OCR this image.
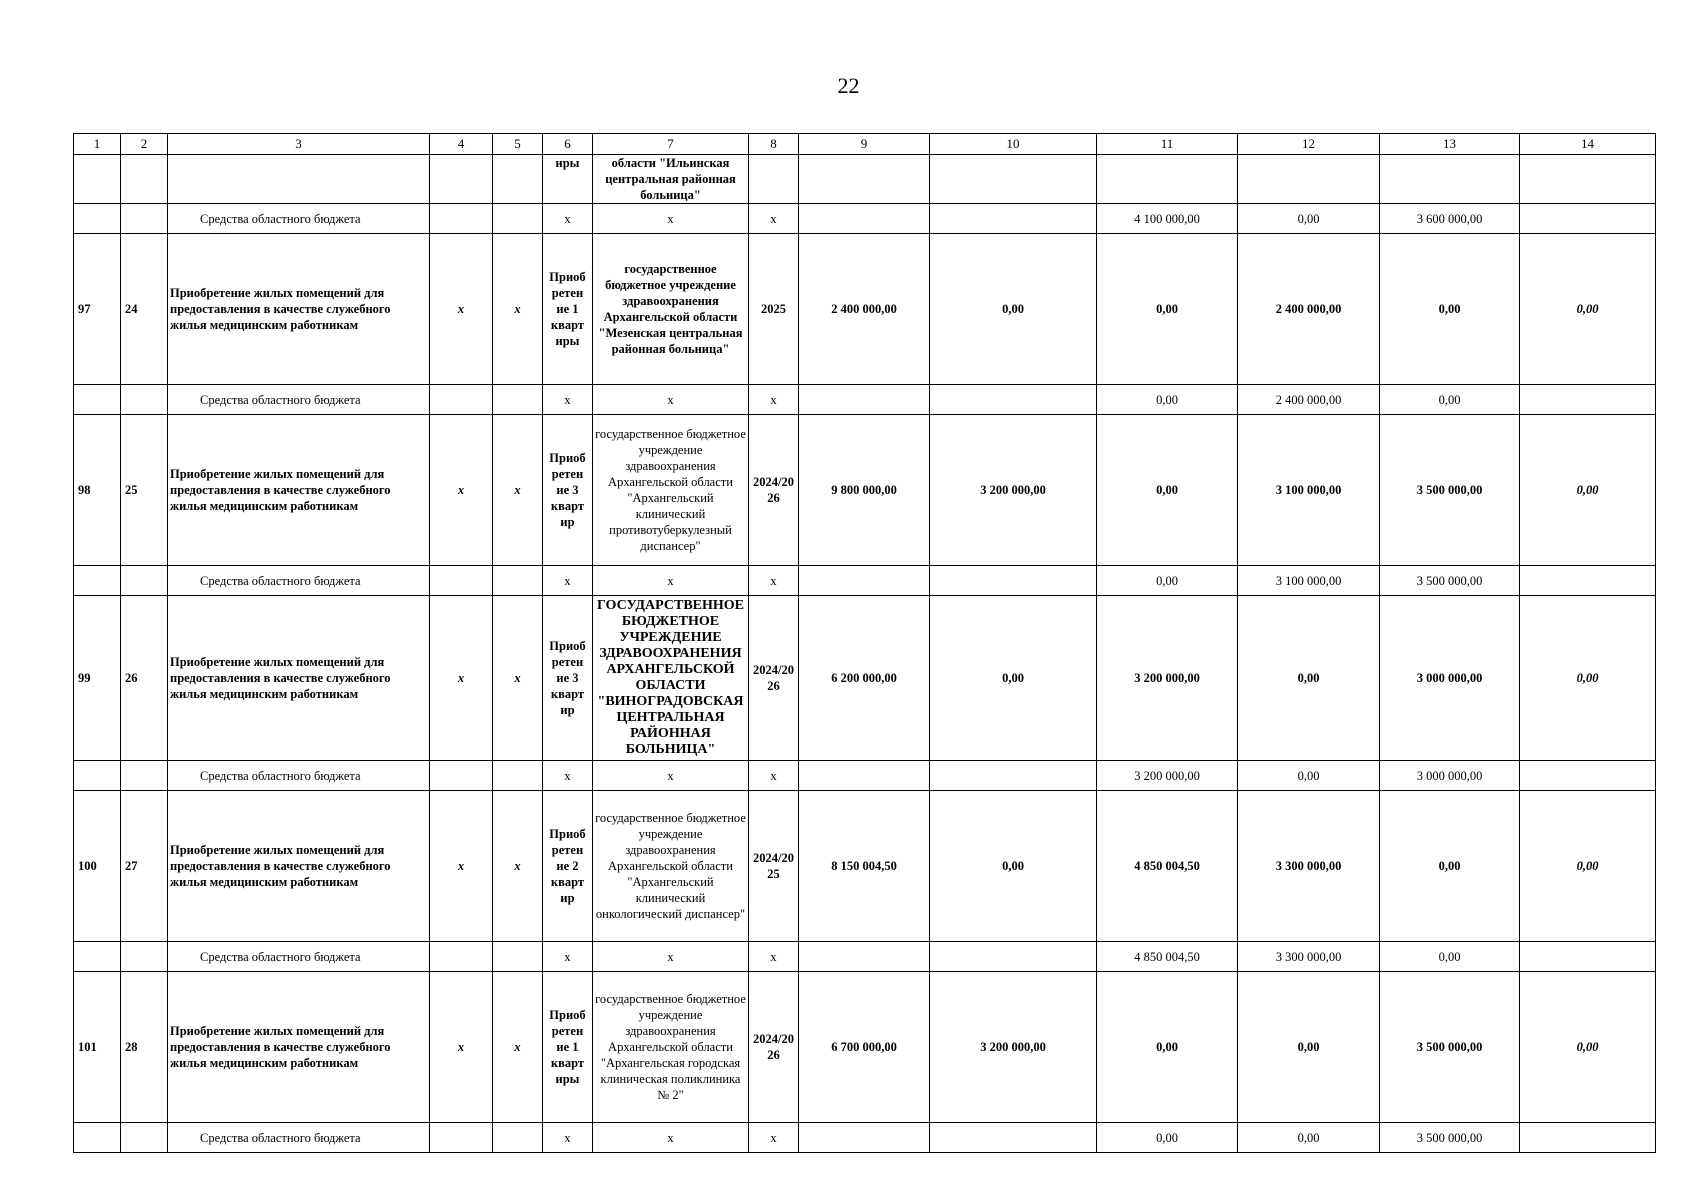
22
1	2	3	4	5	6	7	8	9	10	11	12	13	14
					иры	области "Ильинская центральная районная больница"							
		Средства областного бюджета			x	x	x			4 100 000,00	0,00	3 600 000,00	
97	24	Приобретение жилых помещений для предоставления в качестве служебного жилья медицинским работникам	x	x	Приоб ретен ие 1 кварт иры	государственное бюджетное учреждение здравоохранения Архангельской области "Мезенская центральная районная больница"	2025	2 400 000,00	0,00	0,00	2 400 000,00	0,00	0,00
		Средства областного бюджета			x	x	x			0,00	2 400 000,00	0,00	
98	25	Приобретение жилых помещений для предоставления в качестве служебного жилья медицинским работникам	x	x	Приоб ретен ие 3 кварт ир	государственное бюджетное учреждение здравоохранения Архангельской области "Архангельский клинический противотуберкулезный диспансер"	2024/20 26	9 800 000,00	3 200 000,00	0,00	3 100 000,00	3 500 000,00	0,00
		Средства областного бюджета			x	x	x			0,00	3 100 000,00	3 500 000,00	
99	26	Приобретение жилых помещений для предоставления в качестве служебного жилья медицинским работникам	x	x	Приоб ретен ие 3 кварт ир	ГОСУДАРСТВЕННОЕ БЮДЖЕТНОЕ УЧРЕЖДЕНИЕ ЗДРАВООХРАНЕНИЯ АРХАНГЕЛЬСКОЙ ОБЛАСТИ "ВИНОГРАДОВСКАЯ ЦЕНТРАЛЬНАЯ РАЙОННАЯ БОЛЬНИЦА"	2024/20 26	6 200 000,00	0,00	3 200 000,00	0,00	3 000 000,00	0,00
		Средства областного бюджета			x	x	x			3 200 000,00	0,00	3 000 000,00	
100	27	Приобретение жилых помещений для предоставления в качестве служебного жилья медицинским работникам	x	x	Приоб ретен ие 2 кварт ир	государственное бюджетное учреждение здравоохранения Архангельской области "Архангельский клинический онкологический диспансер"	2024/20 25	8 150 004,50	0,00	4 850 004,50	3 300 000,00	0,00	0,00
		Средства областного бюджета			x	x	x			4 850 004,50	3 300 000,00	0,00	
101	28	Приобретение жилых помещений для предоставления в качестве служебного жилья медицинским работникам	x	x	Приоб ретен ие 1 кварт иры	государственное бюджетное учреждение здравоохранения Архангельской области "Архангельская городская клиническая поликлиника № 2"	2024/20 26	6 700 000,00	3 200 000,00	0,00	0,00	3 500 000,00	0,00
		Средства областного бюджета			x	x	x			0,00	0,00	3 500 000,00	
